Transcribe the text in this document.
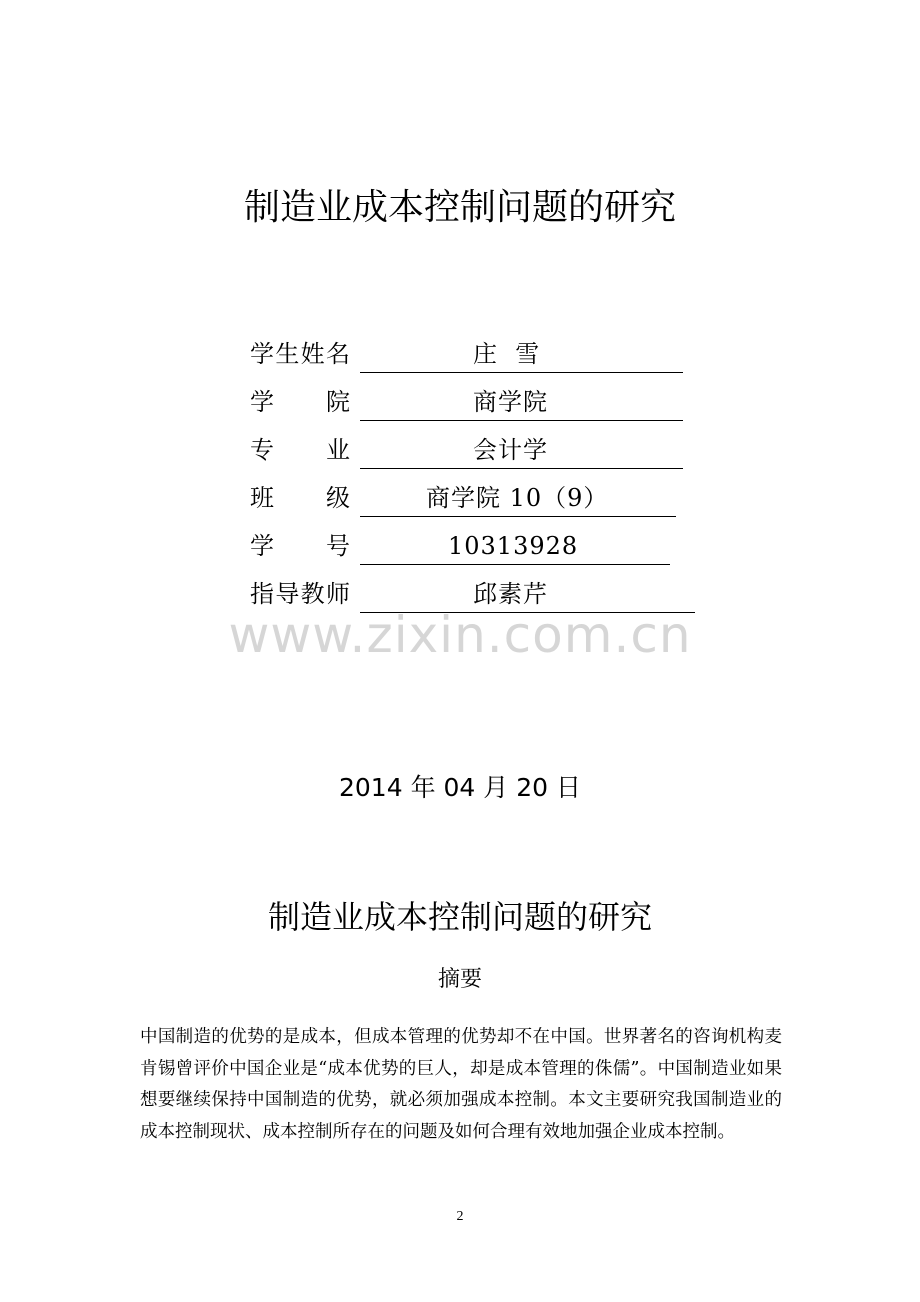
制造业成本控制问题的研究
学 生 姓 名	庄  雪
学 院	商学院
专 业	会计学
班 级	商学院 10（9）
学 号	10313928
指 导 教 师	邱素芹
www.zixin.com.cn
2014 年 04 月 20 日
制造业成本控制问题的研究
摘要
中国制造的优势的是成本，但成本管理的优势却不在中国。世界著名的咨询机构麦肯锡曾评价中国企业是“成本优势的巨人，却是成本管理的侏儒”。中国制造业如果想要继续保持中国制造的优势，就必须加强成本控制。本文主要研究我国制造业的成本控制现状、成本控制所存在的问题及如何合理有效地加强企业成本控制。
2
